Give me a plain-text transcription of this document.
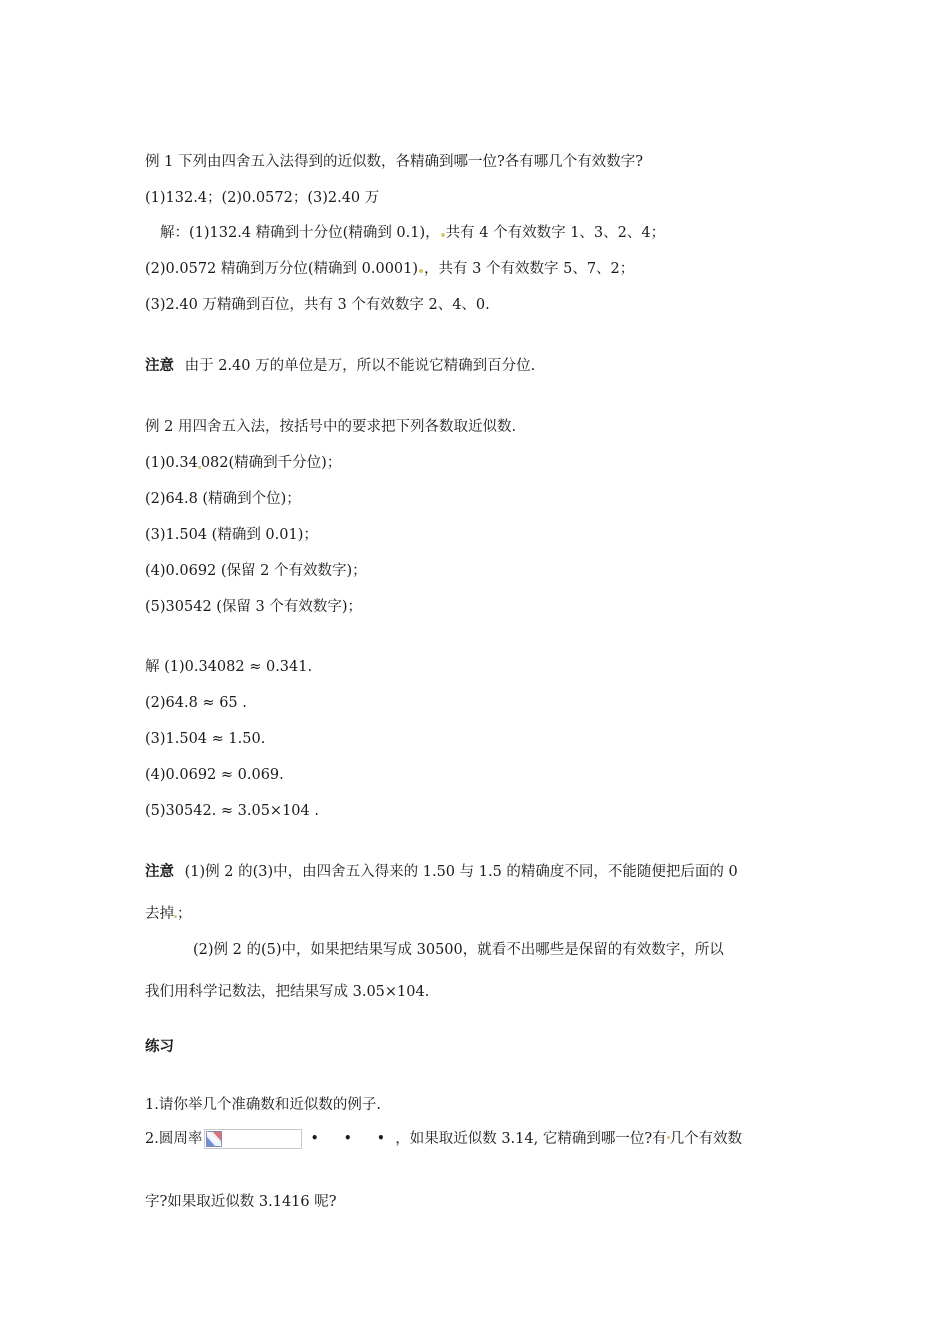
例 1 下列由四舍五入法得到的近似数，各精确到哪一位?各有哪几个有效数字?
(1)132.4；(2)0.0572；(3)2.40 万
解：(1)132.4 精确到十分位(精确到 0.1)， 共有 4 个有效数字 1、3、2、4；
(2)0.0572 精确到万分位(精确到 0.0001) ，共有 3 个有效数字 5、7、2；
(3)2.40 万精确到百位，共有 3 个有效数字 2、4、0.
注意 由于 2.40 万的单位是万，所以不能说它精确到百分位.
例 2 用四舍五入法，按括号中的要求把下列各数取近似数.
(1)0.34 082(精确到千分位)；
(2)64.8 (精确到个位)；
(3)1.504 (精确到 0.01)；
(4)0.0692 (保留 2 个有效数字)；
(5)30542 (保留 3 个有效数字)；
解 (1)0.34082 ≈ 0.341.
(2)64.8 ≈ 65 .
(3)1.504 ≈ 1.50.
(4)0.0692 ≈ 0.069.
(5)30542. ≈ 3.05×104 .
注意 (1)例 2 的(3)中，由四舍五入得来的 1.50 与 1.5 的精确度不同，不能随便把后面的 0
去掉 ；
(2)例 2 的(5)中，如果把结果写成 30500，就看不出哪些是保留的有效数字，所以
我们用科学记数法，把结果写成 3.05×104.
练习
1.请你举几个准确数和近似数的例子.
2.圆周率	• • •，如果取近似数 3.14, 它精确到哪一位?有 几个有效数
字?如果取近似数 3.1416 呢?
